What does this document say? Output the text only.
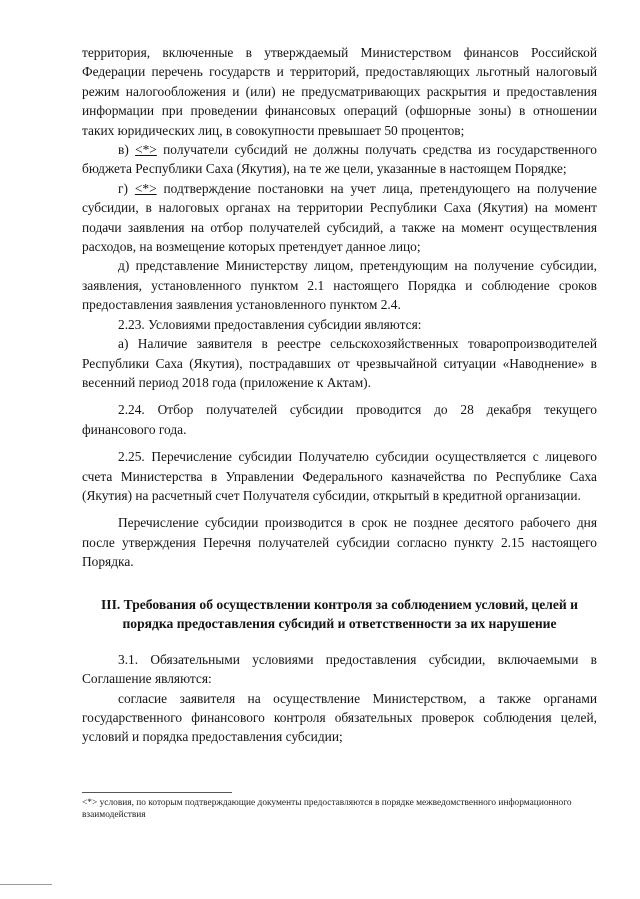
территория, включенные в утверждаемый Министерством финансов Российской Федерации перечень государств и территорий, предоставляющих льготный налоговый режим налогообложения и (или) не предусматривающих раскрытия и предоставления информации при проведении финансовых операций (офшорные зоны) в отношении таких юридических лиц, в совокупности превышает 50 процентов;

в) <*> получатели субсидий не должны получать средства из государственного бюджета Республики Саха (Якутия), на те же цели, указанные в настоящем Порядке;

г) <*> подтверждение постановки на учет лица, претендующего на получение субсидии, в налоговых органах на территории Республики Саха (Якутия) на момент подачи заявления на отбор получателей субсидий, а также на момент осуществления расходов, на возмещение которых претендует данное лицо;

д) представление Министерству лицом, претендующим на получение субсидии, заявления, установленного пунктом 2.1 настоящего Порядка и соблюдение сроков предоставления заявления установленного пунктом 2.4.

2.23. Условиями предоставления субсидии являются:

а) Наличие заявителя в реестре сельскохозяйственных товаропроизводителей Республики Саха (Якутия), пострадавших от чрезвычайной ситуации «Наводнение» в весенний период 2018 года (приложение к Актам).

2.24. Отбор получателей субсидии проводится до 28 декабря текущего финансового года.

2.25. Перечисление субсидии Получателю субсидии осуществляется с лицевого счета Министерства в Управлении Федерального казначейства по Республике Саха (Якутия) на расчетный счет Получателя субсидии, открытый в кредитной организации.

Перечисление субсидии производится в срок не позднее десятого рабочего дня после утверждения Перечня получателей субсидии согласно пункту 2.15 настоящего Порядка.

III. Требования об осуществлении контроля за соблюдением условий, целей и порядка предоставления субсидий и ответственности за их нарушение

3.1. Обязательными условиями предоставления субсидии, включаемыми в Соглашение являются:

согласие заявителя на осуществление Министерством, а также органами государственного финансового контроля обязательных проверок соблюдения целей, условий и порядка предоставления субсидии;

<*> условия, по которым подтверждающие документы предоставляются в порядке межведомственного информационного взаимодействия
